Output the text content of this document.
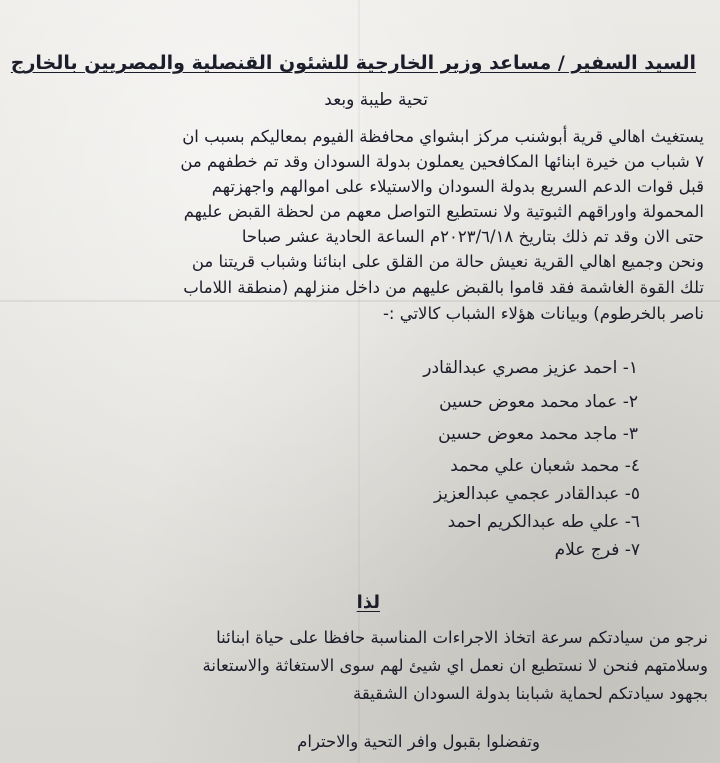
السيد السفير / مساعد وزير الخارجية للشئون القنصلية والمصريين بالخارج
تحية طيبة وبعد
يستغيث اهالي قرية أبوشنب مركز ابشواي محافظة الفيوم بمعاليكم بسبب ان
٧ شباب من خيرة ابنائها المكافحين يعملون بدولة السودان وقد تم خطفهم من
قبل قوات الدعم السريع بدولة السودان والاستيلاء على اموالهم واجهزتهم
المحمولة واوراقهم الثبوتية ولا نستطيع التواصل معهم من لحظة القبض عليهم
حتى الان وقد تم ذلك بتاريخ ٢٠٢٣/٦/١٨م الساعة الحادية عشر صباحا
ونحن وجميع اهالي القرية نعيش حالة من القلق على ابنائنا وشباب قريتنا من
تلك القوة الغاشمة فقد قاموا بالقبض عليهم من داخل منزلهم (منطقة اللاماب
ناصر بالخرطوم) وبيانات هؤلاء الشباب كالاتي :-
١- احمد عزيز مصري عبدالقادر
٢- عماد محمد معوض حسين
٣- ماجد محمد معوض حسين
٤- محمد شعبان علي محمد
٥- عبدالقادر عجمي عبدالعزيز
٦- علي طه عبدالكريم احمد
٧- فرج علام
لذا
نرجو من سيادتكم سرعة اتخاذ الاجراءات المناسبة حافظا على حياة ابنائنا
وسلامتهم فنحن لا نستطيع ان نعمل اي شيئ لهم سوى الاستغاثة والاستعانة
بجهود سيادتكم لحماية شبابنا بدولة السودان الشقيقة
وتفضلوا بقبول وافر التحية والاحترام
